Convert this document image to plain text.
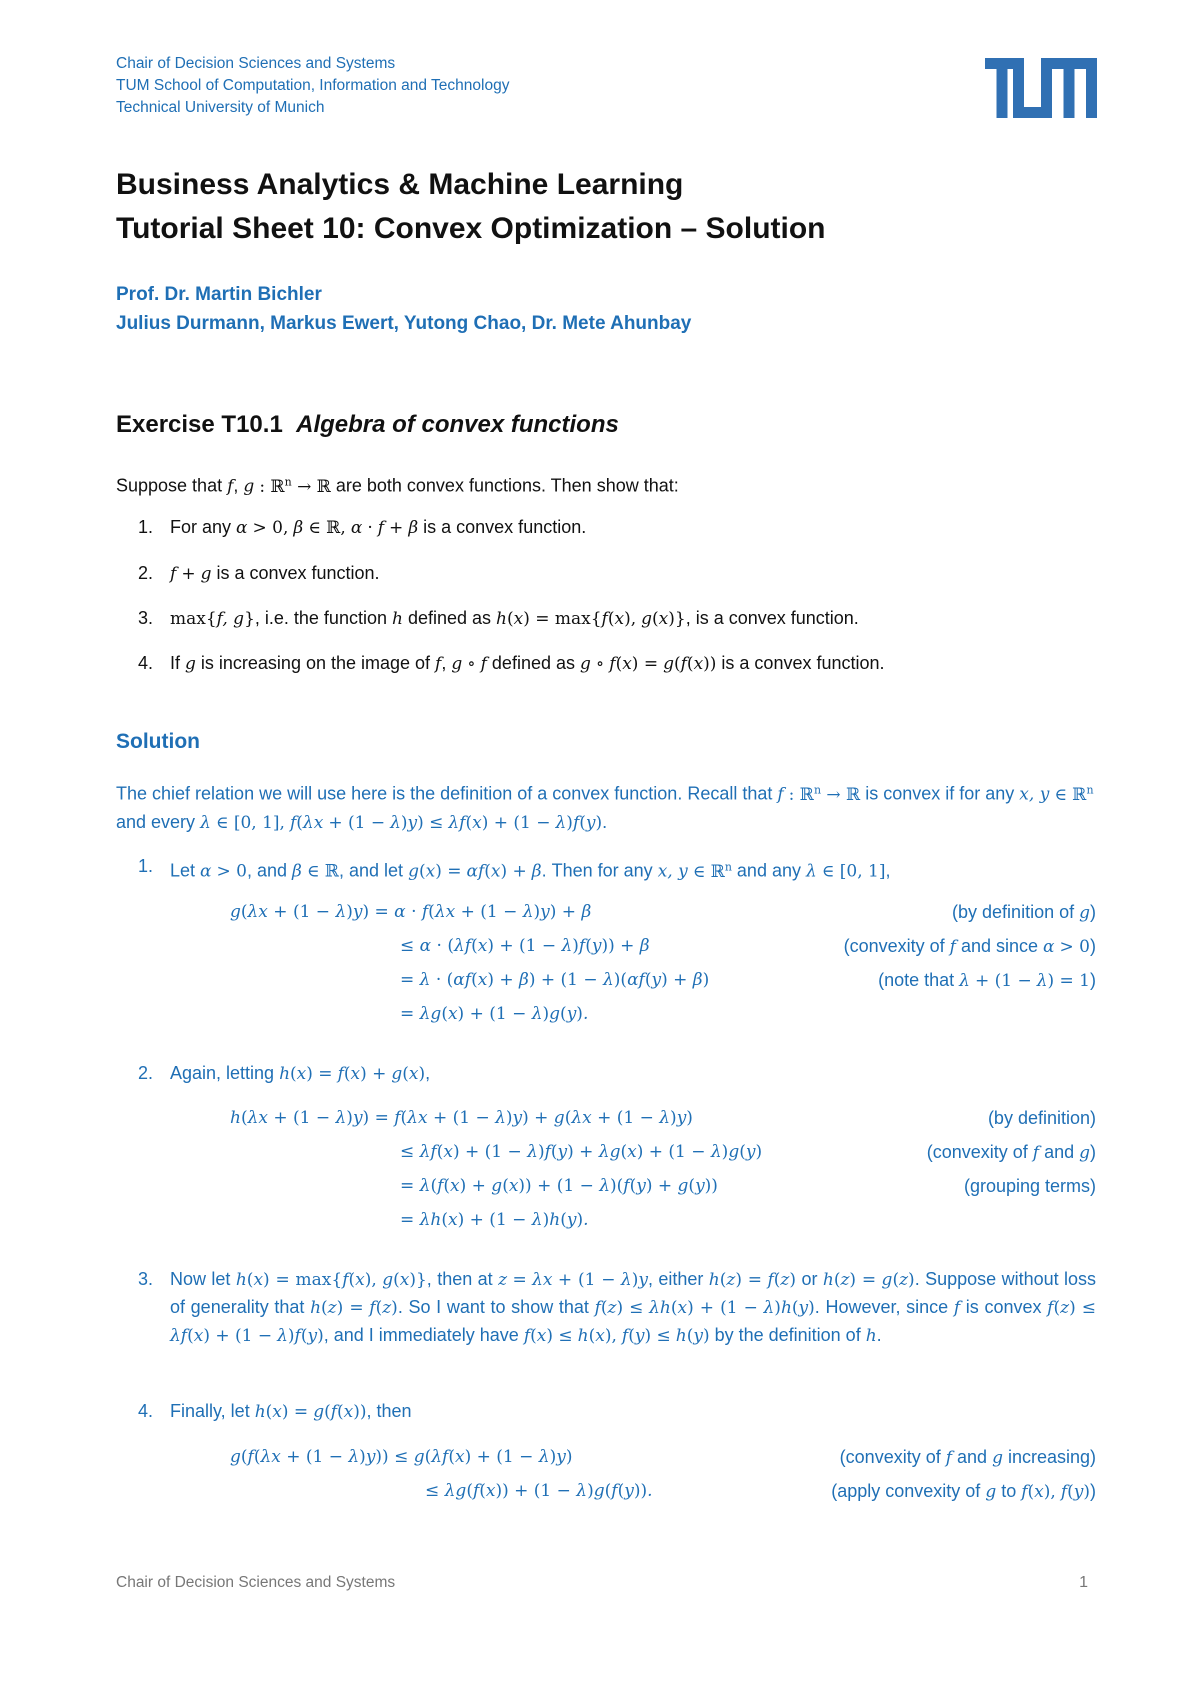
Chair of Decision Sciences and Systems
TUM School of Computation, Information and Technology
Technical University of Munich
Business Analytics & Machine Learning
Tutorial Sheet 10: Convex Optimization – Solution
Prof. Dr. Martin Bichler
Julius Durmann, Markus Ewert, Yutong Chao, Dr. Mete Ahunbay
Exercise T10.1 Algebra of convex functions
Suppose that f, g : ℝ$^n$ → ℝ are both convex functions. Then show that:
1. For any α > 0, β ∈ ℝ, α · f + β is a convex function.
2. f + g is a convex function.
3. max{f, g}, i.e. the function h defined as h(x) = max{f(x), g(x)}, is a convex function.
4. If g is increasing on the image of f, g ∘ f defined as g ∘ f(x) = g(f(x)) is a convex function.
Solution
The chief relation we will use here is the definition of a convex function. Recall that f : ℝ$^n$ → ℝ is convex if for any x, y ∈ ℝ$^n$ and every λ ∈ [0, 1], f(λx + (1 − λ)y) ≤ λf(x) + (1 − λ)f(y).
1. Let α > 0, and β ∈ ℝ, and let g(x) = αf(x) + β. Then for any x, y ∈ ℝ$^n$ and any λ ∈ [0, 1],
g(λx + (1 − λ)y) = α · f(λx + (1 − λ)y) + β	(by definition of g)
≤ α · (λf(x) + (1 − λ)f(y)) + β	(convexity of f and since α > 0)
= λ · (αf(x) + β) + (1 − λ)(αf(y) + β)	(note that λ + (1 − λ) = 1)
= λg(x) + (1 − λ)g(y).
2. Again, letting h(x) = f(x) + g(x),
h(λx + (1 − λ)y) = f(λx + (1 − λ)y) + g(λx + (1 − λ)y)	(by definition)
≤ λf(x) + (1 − λ)f(y) + λg(x) + (1 − λ)g(y)	(convexity of f and g)
= λ(f(x) + g(x)) + (1 − λ)(f(y) + g(y))	(grouping terms)
= λh(x) + (1 − λ)h(y).
3. Now let h(x) = max{f(x), g(x)}, then at z = λx + (1 − λ)y, either h(z) = f(z) or h(z) = g(z). Suppose without loss of generality that h(z) = f(z). So I want to show that f(z) ≤ λh(x) + (1 − λ)h(y). However, since f is convex f(z) ≤ λf(x) + (1 − λ)f(y), and I immediately have f(x) ≤ h(x), f(y) ≤ h(y) by the definition of h.
4. Finally, let h(x) = g(f(x)), then
g(f(λx + (1 − λ)y)) ≤ g(λf(x) + (1 − λ)y)	(convexity of f and g increasing)
≤ λg(f(x)) + (1 − λ)g(f(y)).	(apply convexity of g to f(x), f(y))
Chair of Decision Sciences and Systems	1
